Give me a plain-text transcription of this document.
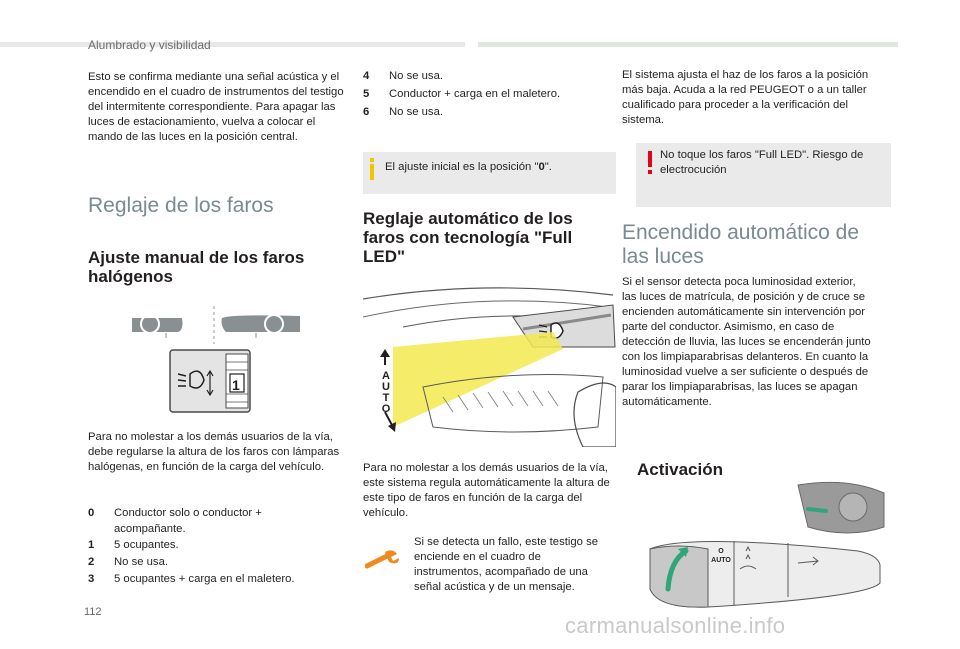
Alumbrado y visibilidad
Esto se confirma mediante una señal acústica y el encendido en el cuadro de instrumentos del testigo del intermitente correspondiente. Para apagar las luces de estacionamiento, vuelva a colocar el mando de las luces en la posición central.
Reglaje de los faros
Ajuste manual de los faros halógenos
1
Para no molestar a los demás usuarios de la vía, debe regularse la altura de los faros con lámparas halógenas, en función de la carga del vehículo.
0 Conductor solo o conductor + acompañante.
1 5 ocupantes.
2 No se usa.
3 5 ocupantes + carga en el maletero.
4 No se usa.
5 Conductor + carga en el maletero.
6 No se usa.
El ajuste inicial es la posición "0".
Reglaje automático de los faros con tecnología "Full LED"
A U T O
Para no molestar a los demás usuarios de la vía, este sistema regula automáticamente la altura de este tipo de faros en función de la carga del vehículo.
Si se detecta un fallo, este testigo se enciende en el cuadro de instrumentos, acompañado de una señal acústica y de un mensaje.
El sistema ajusta el haz de los faros a la posición más baja. Acuda a la red PEUGEOT o a un taller cualificado para proceder a la verificación del sistema.
No toque los faros "Full LED". Riesgo de electrocución
Encendido automático de las luces
Si el sensor detecta poca luminosidad exterior, las luces de matrícula, de posición y de cruce se encienden automáticamente sin intervención por parte del conductor. Asimismo, en caso de detección de lluvia, las luces se encenderán junto con los limpiaparabrisas delanteros. En cuanto la luminosidad vuelve a ser suficiente o después de parar los limpiaparabrisas, las luces se apagan automáticamente.
Activación
O
AUTO
112
carmanualsonline.info
